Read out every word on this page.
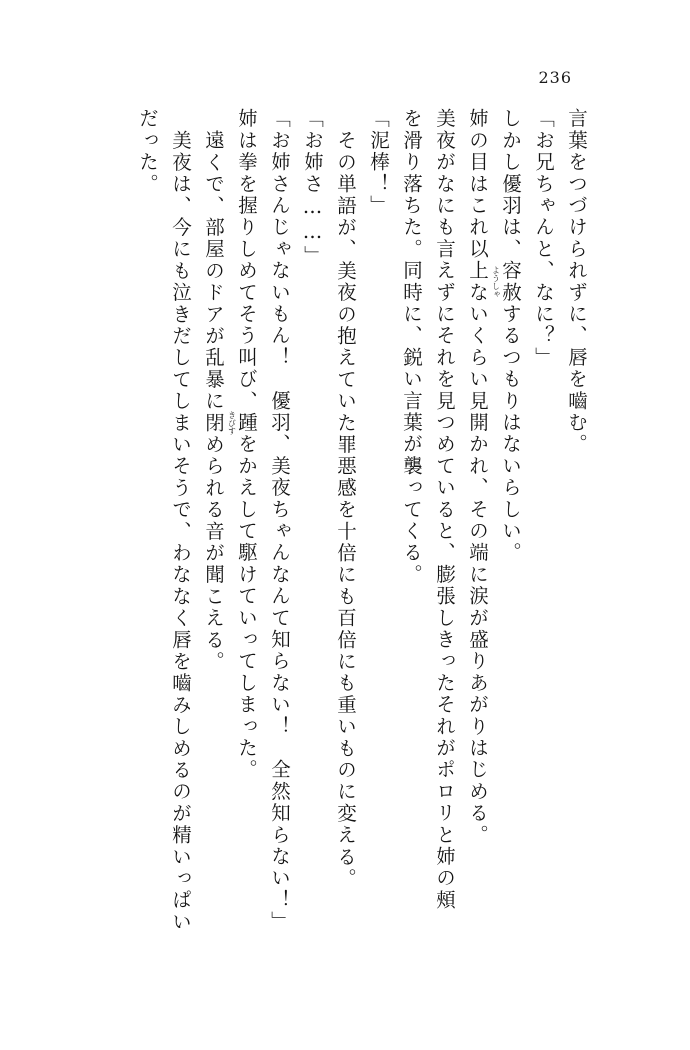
236
言葉をつづけられずに、唇を嚙む。
「お兄ちゃんと、なに？」
しかし優羽は、容赦
ようしゃ
するつもりはないらしい。
姉の目はこれ以上ないくらい見開かれ、その端に涙が盛りあがりはじめる。
美夜がなにも言えずにそれを見つめていると、膨張しきったそれがポロリと姉の頰
を滑り落ちた。同時に、鋭い言葉が襲ってくる。
「泥棒！」
その単語が、美夜の抱えていた罪悪感を十倍にも百倍にも重いものに変える。
「お姉さ……」
「お姉さんじゃないもん！　優羽、美夜ちゃんなんて知らない！　全然知らない！」
姉は拳を握りしめてそう叫び、踵
きびす
をかえして駆けていってしまった。
遠くで、部屋のドアが乱暴に閉められる音が聞こえる。
美夜は、今にも泣きだしてしまいそうで、わななく唇を嚙みしめるのが精いっぱい
だった。
